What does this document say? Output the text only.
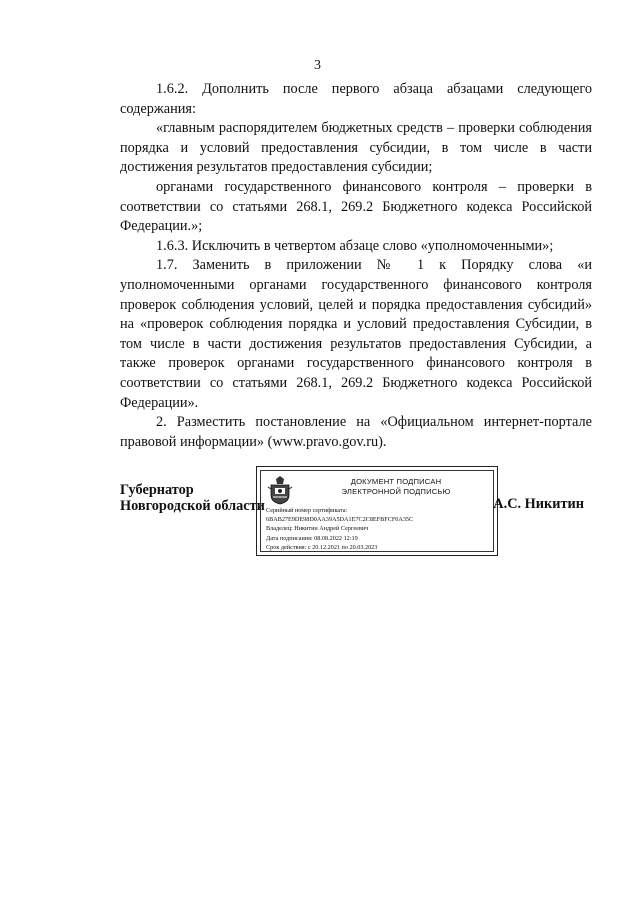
3

1.6.2. Дополнить после первого абзаца абзацами следующего содержания:

«главным распорядителем бюджетных средств – проверки соблюдения порядка и условий предоставления субсидии, в том числе в части достижения результатов предоставления субсидии;

органами государственного финансового контроля – проверки в соответствии со статьями 268.1, 269.2 Бюджетного кодекса Российской Федерации.»;

1.6.3. Исключить в четвертом абзаце слово «уполномоченными»;

1.7. Заменить в приложении № 1 к Порядку слова «и уполномоченными органами государственного финансового контроля проверок соблюдения условий, целей и порядка предоставления субсидий» на «проверок соблюдения порядка и условий предоставления Субсидии, в том числе в части достижения результатов предоставления Субсидии, а также проверок органами государственного финансового контроля в соответствии со статьями 268.1, 269.2 Бюджетного кодекса Российской Федерации».

2. Разместить постановление на «Официальном интернет-портале правовой информации» (www.pravo.gov.ru).

Губернатор
Новгородской области
ДОКУМЕНТ ПОДПИСАН
ЭЛЕКТРОННОЙ ПОДПИСЬЮ
Серийный номер сертификата:
6BAB27E9DE98D0AA39A5DA1E7C2C8EFBFCF0A35C
Владелец: Никитин Андрей Сергеевич
Дата подписания: 08.08.2022 12:19
Срок действия: с 20.12.2021 по 20.03.2023
А.С. Никитин
